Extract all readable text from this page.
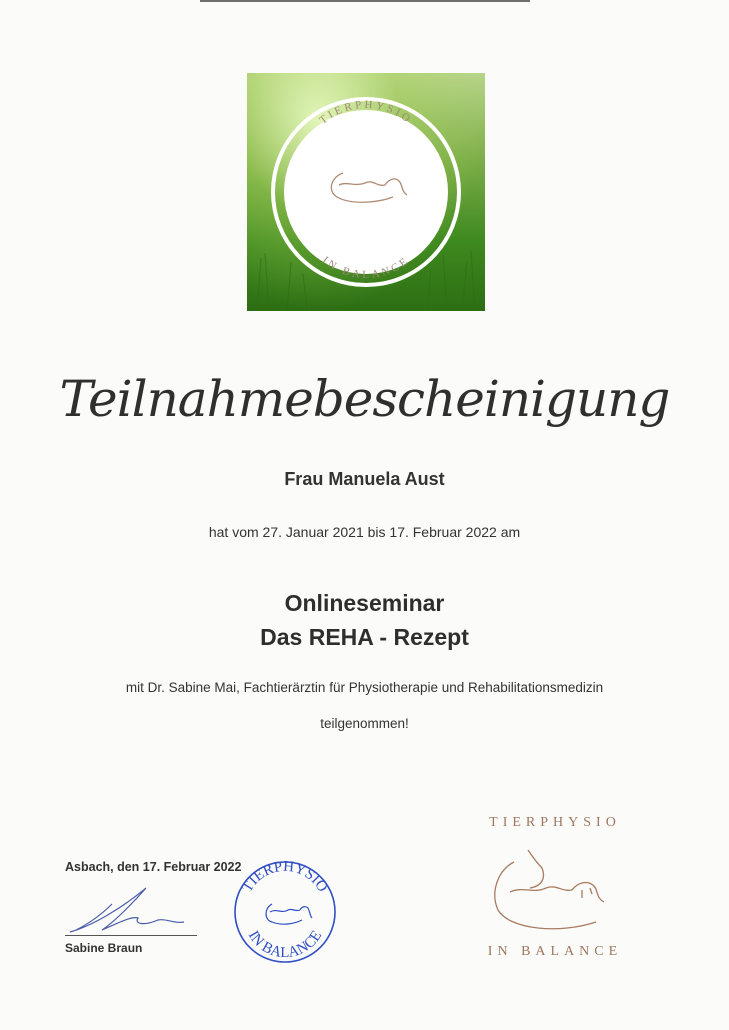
TIERPHYSIO
IN BALANCE
Teilnahmebescheinigung
Frau Manuela Aust
hat vom 27. Januar 2021 bis 17. Februar 2022 am
Onlineseminar
Das REHA - Rezept
mit Dr. Sabine Mai, Fachtierärztin für Physiotherapie und Rehabilitationsmedizin
teilgenommen!
Asbach, den 17. Februar 2022
Sabine Braun
TIERPHYSIO
IN BALANCE
TIERPHYSIO
IN BALANCE
